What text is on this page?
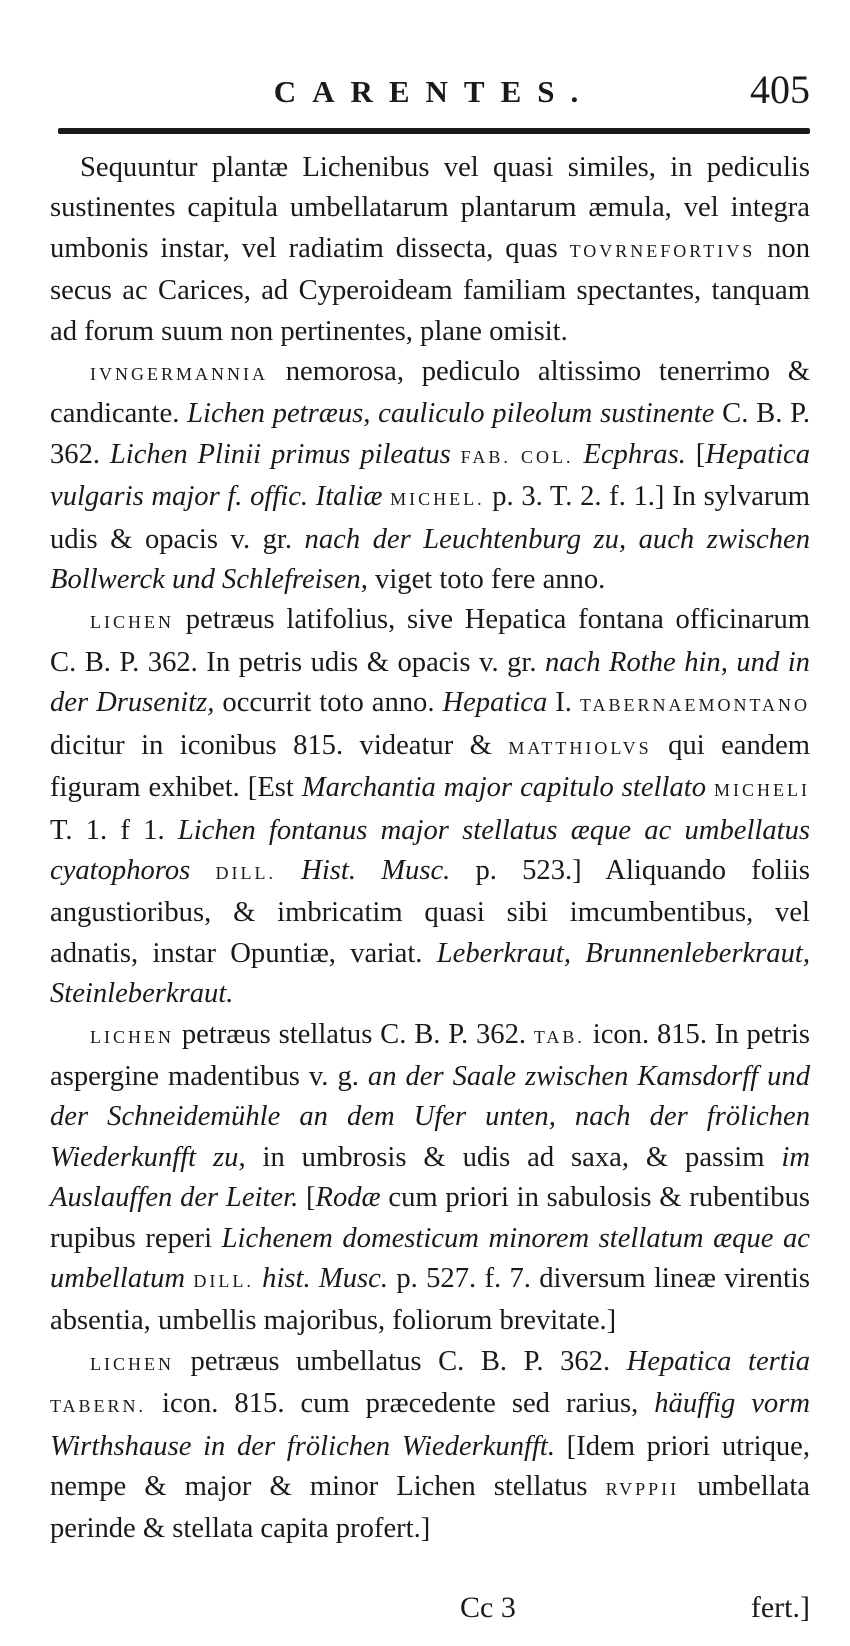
CARENTES.	405

Sequuntur plantæ Lichenibus vel quasi similes, in pediculis sustinentes capitula umbellatarum plantarum æmula, vel integra umbonis instar, vel radiatim dissecta, quas TOVRNEFORTIVS non secus ac Carices, ad Cyperoideam familiam spectantes, tanquam ad forum suum non pertinentes, plane omisit.

IVNGERMANNIA nemorosa, pediculo altissimo tenerrimo & candicante. Lichen petræus, cauliculo pileolum sustinente C. B. P. 362. Lichen Plinii primus pileatus FAB. COL. Ecphras. [Hepatica vulgaris major f. offic. Italiæ MICHEL. p. 3. T. 2. f. 1.] In sylvarum udis & opacis v. gr. nach der Leuchtenburg zu, auch zwischen Bollwerck und Schlefreisen, viget toto fere anno.

LICHEN petræus latifolius, sive Hepatica fontana officinarum C. B. P. 362. In petris udis & opacis v. gr. nach Rothe hin, und in der Drusenitz, occurrit toto anno. Hepatica I. TABERNAEMONTANO dicitur in iconibus 815. videatur & MATTHIOLVS qui eandem figuram exhibet. [Est Marchantia major capitulo stellato MICHELI T. 1. f 1. Lichen fontanus major stellatus æque ac umbellatus cyatophoros DILL. Hist. Musc. p. 523.] Aliquando foliis angustioribus, & imbricatim quasi sibi imcumbentibus, vel adnatis, instar Opuntiæ, variat. Leberkraut, Brunnenleberkraut, Steinleberkraut.

LICHEN petræus stellatus C. B. P. 362. TAB. icon. 815. In petris aspergine madentibus v. g. an der Saale zwischen Kamsdorff und der Schneidemühle an dem Ufer unten, nach der frölichen Wiederkunfft zu, in umbrosis & udis ad saxa, & passim im Auslauffen der Leiter. [Rodæ cum priori in sabulosis & rubentibus rupibus reperi Lichenem domesticum minorem stellatum æque ac umbellatum DILL. hist. Musc. p. 527. f. 7. diversum lineæ virentis absentia, umbellis majoribus, foliorum brevitate.]

LICHEN petræus umbellatus C. B. P. 362. Hepatica tertia TABERN. icon. 815. cum præcedente sed rarius, häuffig vorm Wirthshause in der frölichen Wiederkunfft. [Idem priori utrique, nempe & major & minor Lichen stellatus RVPPII umbellata perinde & stellata capita profert.]

Cc 3	fert.]
